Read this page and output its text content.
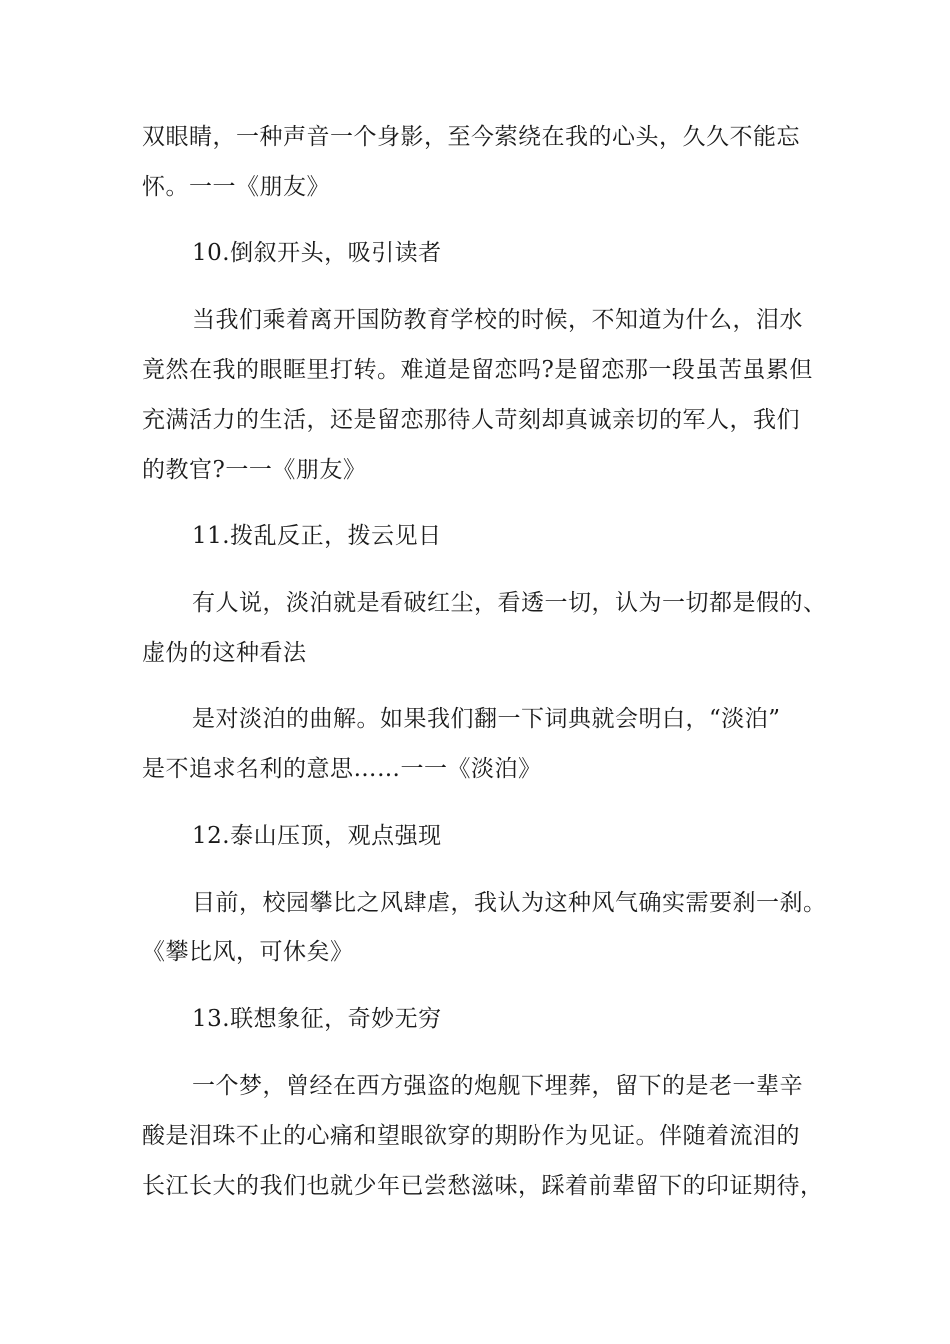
双眼睛，一种声音一个身影，至今萦绕在我的心头，久久不能忘
怀。一一《朋友》
10.倒叙开头，吸引读者
当我们乘着离开国防教育学校的时候，不知道为什么，泪水
竟然在我的眼眶里打转。难道是留恋吗?是留恋那一段虽苦虽累但
充满活力的生活，还是留恋那待人苛刻却真诚亲切的军人，我们
的教官?一一《朋友》
11.拨乱反正，拨云见日
有人说，淡泊就是看破红尘，看透一切，认为一切都是假的、
虚伪的这种看法
是对淡泊的曲解。如果我们翻一下词典就会明白，“淡泊”
是不追求名利的意思……一一《淡泊》
12.泰山压顶，观点强现
目前，校园攀比之风肆虐，我认为这种风气确实需要刹一刹。
《攀比风，可休矣》
13.联想象征，奇妙无穷
一个梦，曾经在西方强盗的炮舰下埋葬，留下的是老一辈辛
酸是泪珠不止的心痛和望眼欲穿的期盼作为见证。伴随着流泪的
长江长大的我们也就少年已尝愁滋味，踩着前辈留下的印证期待，
